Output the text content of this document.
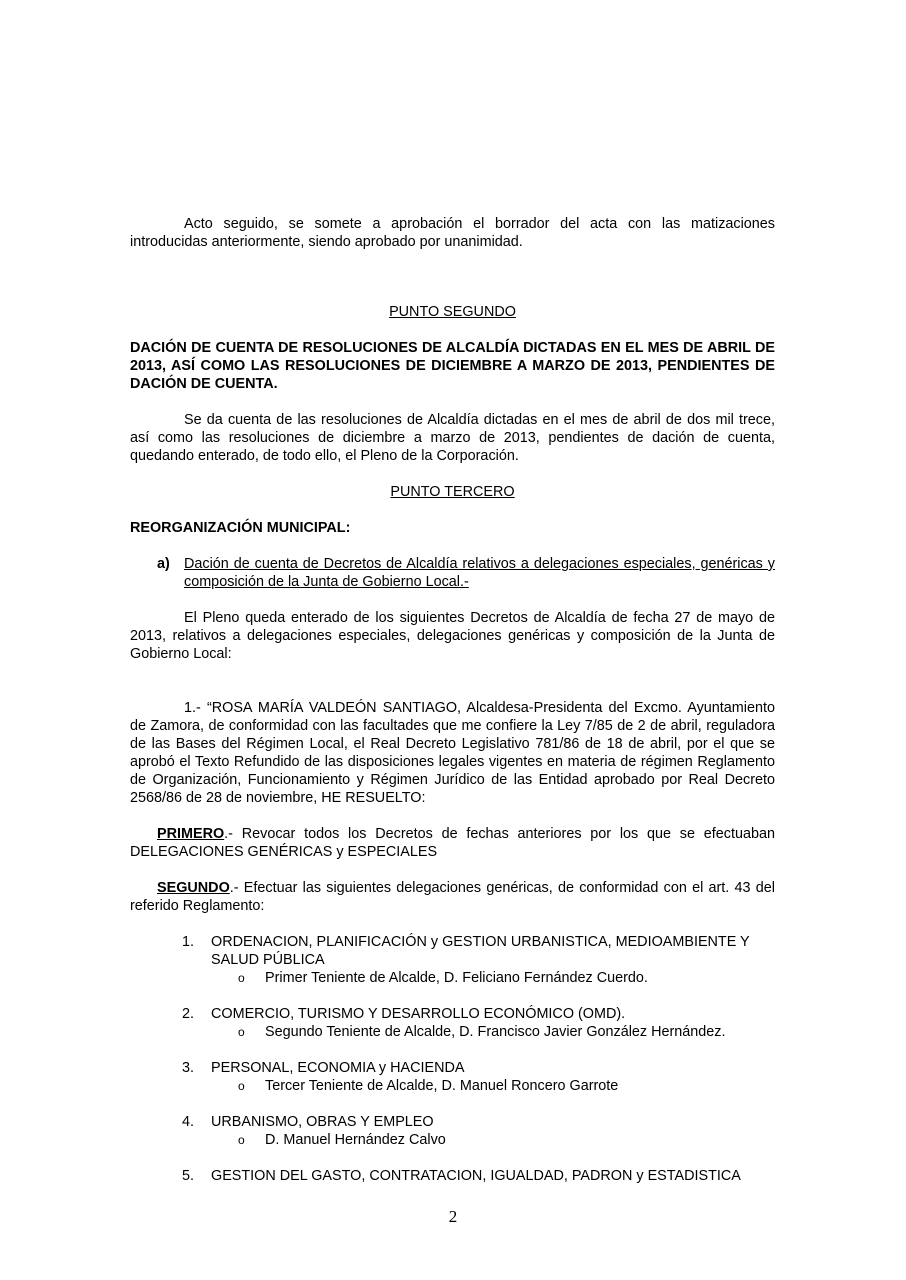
Acto seguido, se somete a aprobación el borrador del acta con las matizaciones introducidas anteriormente, siendo aprobado por unanimidad.

PUNTO SEGUNDO

DACIÓN DE CUENTA DE RESOLUCIONES DE ALCALDÍA DICTADAS EN EL MES DE ABRIL DE 2013, ASÍ COMO LAS RESOLUCIONES DE DICIEMBRE A MARZO DE 2013, PENDIENTES DE DACIÓN DE CUENTA.

Se da cuenta de las resoluciones de Alcaldía dictadas en el mes de abril de dos mil trece, así como las resoluciones de diciembre a marzo de 2013, pendientes de dación de cuenta, quedando enterado, de todo ello, el Pleno de la Corporación.

PUNTO TERCERO

REORGANIZACIÓN MUNICIPAL:

a) Dación de cuenta de Decretos de Alcaldía relativos a delegaciones especiales, genéricas y composición de la Junta de Gobierno Local.-

El Pleno queda enterado de los siguientes Decretos de Alcaldía de fecha 27 de mayo de 2013, relativos a delegaciones especiales, delegaciones genéricas y composición de la Junta de Gobierno Local:

1.- “ROSA MARÍA VALDEÓN SANTIAGO, Alcaldesa-Presidenta del Excmo. Ayuntamiento de Zamora, de conformidad con las facultades que me confiere la Ley 7/85 de 2 de abril, reguladora de las Bases del Régimen Local, el Real Decreto Legislativo 781/86 de 18 de abril, por el que se aprobó el Texto Refundido de las disposiciones legales vigentes en materia de régimen Reglamento de Organización, Funcionamiento y Régimen Jurídico de las Entidad aprobado por Real Decreto 2568/86 de 28 de noviembre, HE RESUELTO:

PRIMERO.- Revocar todos los Decretos de fechas anteriores por los que se efectuaban DELEGACIONES GENÉRICAS y ESPECIALES

SEGUNDO.- Efectuar las siguientes delegaciones genéricas, de conformidad con el art. 43 del referido Reglamento:

1.	ORDENACION, PLANIFICACIÓN y GESTION URBANISTICA, MEDIOAMBIENTE Y SALUD PÚBLICA
o	Primer Teniente de Alcalde, D. Feliciano Fernández Cuerdo.
2.	COMERCIO, TURISMO Y DESARROLLO ECONÓMICO (OMD).
o	Segundo Teniente de Alcalde, D. Francisco Javier González Hernández.
3.	PERSONAL, ECONOMIA y HACIENDA
o	Tercer Teniente de Alcalde, D. Manuel Roncero Garrote
4.	URBANISMO, OBRAS Y EMPLEO
o	D. Manuel Hernández Calvo
5.	GESTION DEL GASTO, CONTRATACION, IGUALDAD, PADRON y ESTADISTICA
2
